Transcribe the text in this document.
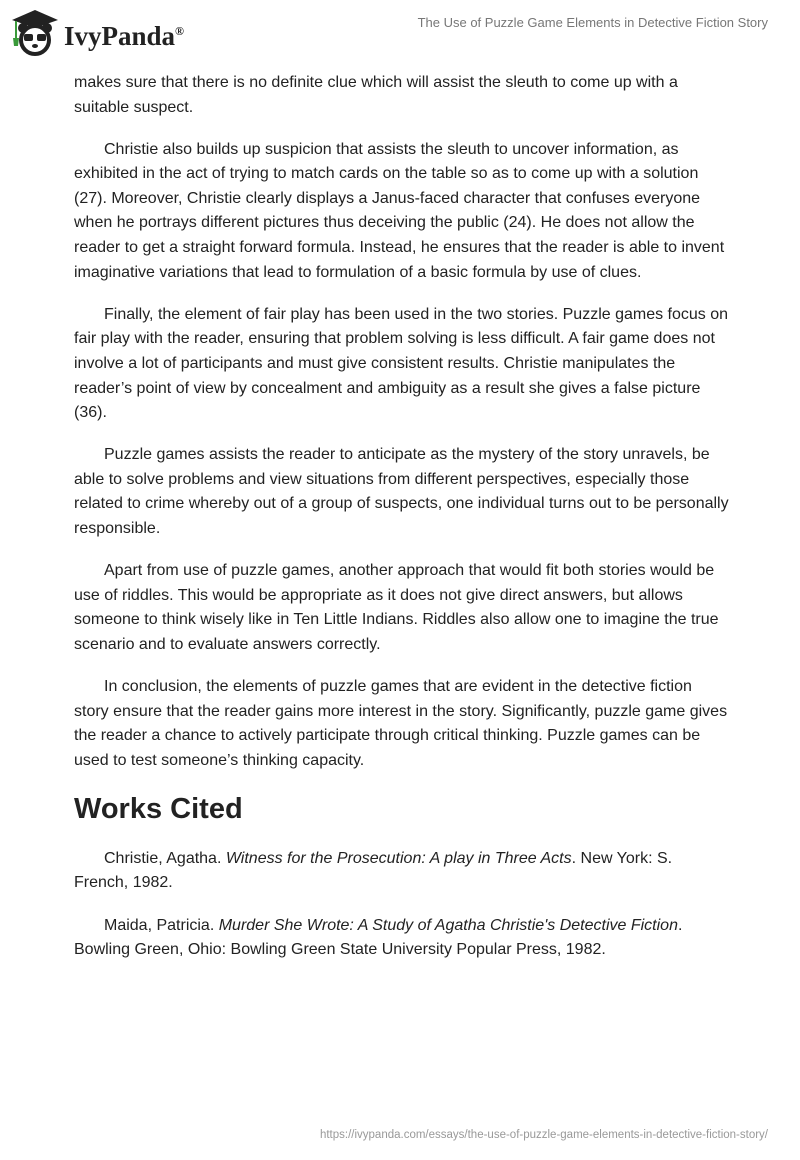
IvyPanda®
The Use of Puzzle Game Elements in Detective Fiction Story

makes sure that there is no definite clue which will assist the sleuth to come up with a suitable suspect.

Christie also builds up suspicion that assists the sleuth to uncover information, as exhibited in the act of trying to match cards on the table so as to come up with a solution (27). Moreover, Christie clearly displays a Janus-faced character that confuses everyone when he portrays different pictures thus deceiving the public (24). He does not allow the reader to get a straight forward formula. Instead, he ensures that the reader is able to invent imaginative variations that lead to formulation of a basic formula by use of clues.

Finally, the element of fair play has been used in the two stories. Puzzle games focus on fair play with the reader, ensuring that problem solving is less difficult. A fair game does not involve a lot of participants and must give consistent results. Christie manipulates the reader’s point of view by concealment and ambiguity as a result she gives a false picture (36).

Puzzle games assists the reader to anticipate as the mystery of the story unravels, be able to solve problems and view situations from different perspectives, especially those related to crime whereby out of a group of suspects, one individual turns out to be personally responsible.

Apart from use of puzzle games, another approach that would fit both stories would be use of riddles. This would be appropriate as it does not give direct answers, but allows someone to think wisely like in Ten Little Indians. Riddles also allow one to imagine the true scenario and to evaluate answers correctly.

In conclusion, the elements of puzzle games that are evident in the detective fiction story ensure that the reader gains more interest in the story. Significantly, puzzle game gives the reader a chance to actively participate through critical thinking. Puzzle games can be used to test someone’s thinking capacity.

Works Cited

Christie, Agatha. Witness for the Prosecution: A play in Three Acts. New York: S. French, 1982.

Maida, Patricia. Murder She Wrote: A Study of Agatha Christie's Detective Fiction. Bowling Green, Ohio: Bowling Green State University Popular Press, 1982.

https://ivypanda.com/essays/the-use-of-puzzle-game-elements-in-detective-fiction-story/
